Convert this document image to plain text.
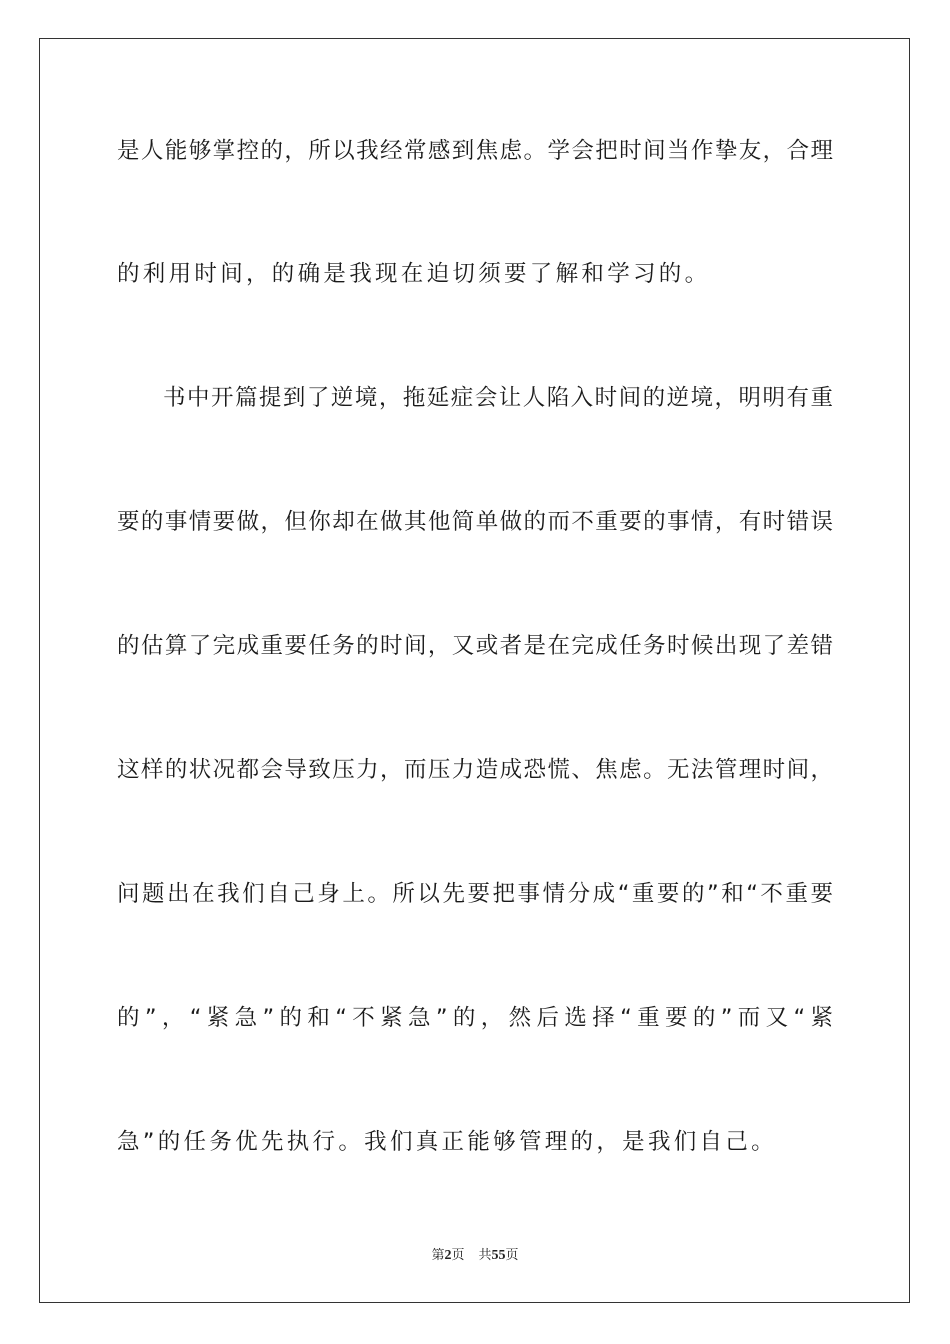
是人能够掌控的，所以我经常感到焦虑。学会把时间当作挚友，合理
的利用时间，的确是我现在迫切须要了解和学习的。
书中开篇提到了逆境，拖延症会让人陷入时间的逆境，明明有重
要的事情要做，但你却在做其他简单做的而不重要的事情，有时错误
的估算了完成重要任务的时间，又或者是在完成任务时候出现了差错
这样的状况都会导致压力，而压力造成恐慌、焦虑。无法管理时间，
问题出在我们自己身上。所以先要把事情分成“重要的”和“不重要
的”，“紧急”的和“不紧急”的，然后选择“重要的”而又“紧
急”的任务优先执行。我们真正能够管理的，是我们自己。
第2页 共55页
